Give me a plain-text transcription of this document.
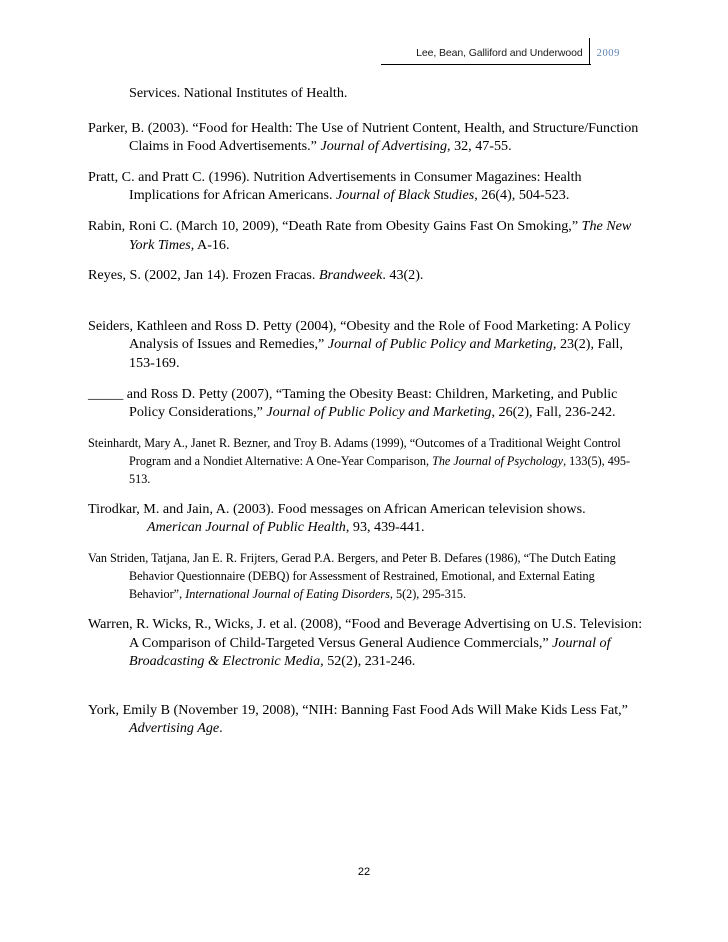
Lee, Bean, Galliford and Underwood	2009

Services. National Institutes of Health.

Parker, B. (2003). “Food for Health: The Use of Nutrient Content, Health, and Structure/Function Claims in Food Advertisements.” Journal of Advertising, 32, 47-55.

Pratt, C. and Pratt C. (1996). Nutrition Advertisements in Consumer Magazines: Health Implications for African Americans. Journal of Black Studies, 26(4), 504-523.

Rabin, Roni C. (March 10, 2009), “Death Rate from Obesity Gains Fast On Smoking,” The New York Times, A-16.

Reyes, S. (2002, Jan 14). Frozen Fracas. Brandweek. 43(2).

Seiders, Kathleen and Ross D. Petty (2004), “Obesity and the Role of Food Marketing: A Policy Analysis of Issues and Remedies,” Journal of Public Policy and Marketing, 23(2), Fall, 153-169.

_____ and Ross D. Petty (2007), “Taming the Obesity Beast: Children, Marketing, and Public Policy Considerations,” Journal of Public Policy and Marketing, 26(2), Fall, 236-242.

Steinhardt, Mary A., Janet R. Bezner, and Troy B. Adams (1999), “Outcomes of a Traditional Weight Control Program and a Nondiet Alternative: A One-Year Comparison, The Journal of Psychology, 133(5), 495-513.

Tirodkar, M. and Jain, A. (2003). Food messages on African American television shows. American Journal of Public Health, 93, 439-441.

Van Striden, Tatjana, Jan E. R. Frijters, Gerad P.A. Bergers, and Peter B. Defares (1986), “The Dutch Eating Behavior Questionnaire (DEBQ) for Assessment of Restrained, Emotional, and External Eating Behavior”, International Journal of Eating Disorders, 5(2), 295-315.

Warren, R. Wicks, R., Wicks, J. et al. (2008), “Food and Beverage Advertising on U.S. Television: A Comparison of Child-Targeted Versus General Audience Commercials,” Journal of Broadcasting & Electronic Media, 52(2), 231-246.

York, Emily B (November 19, 2008), “NIH: Banning Fast Food Ads Will Make Kids Less Fat,” Advertising Age.

22
